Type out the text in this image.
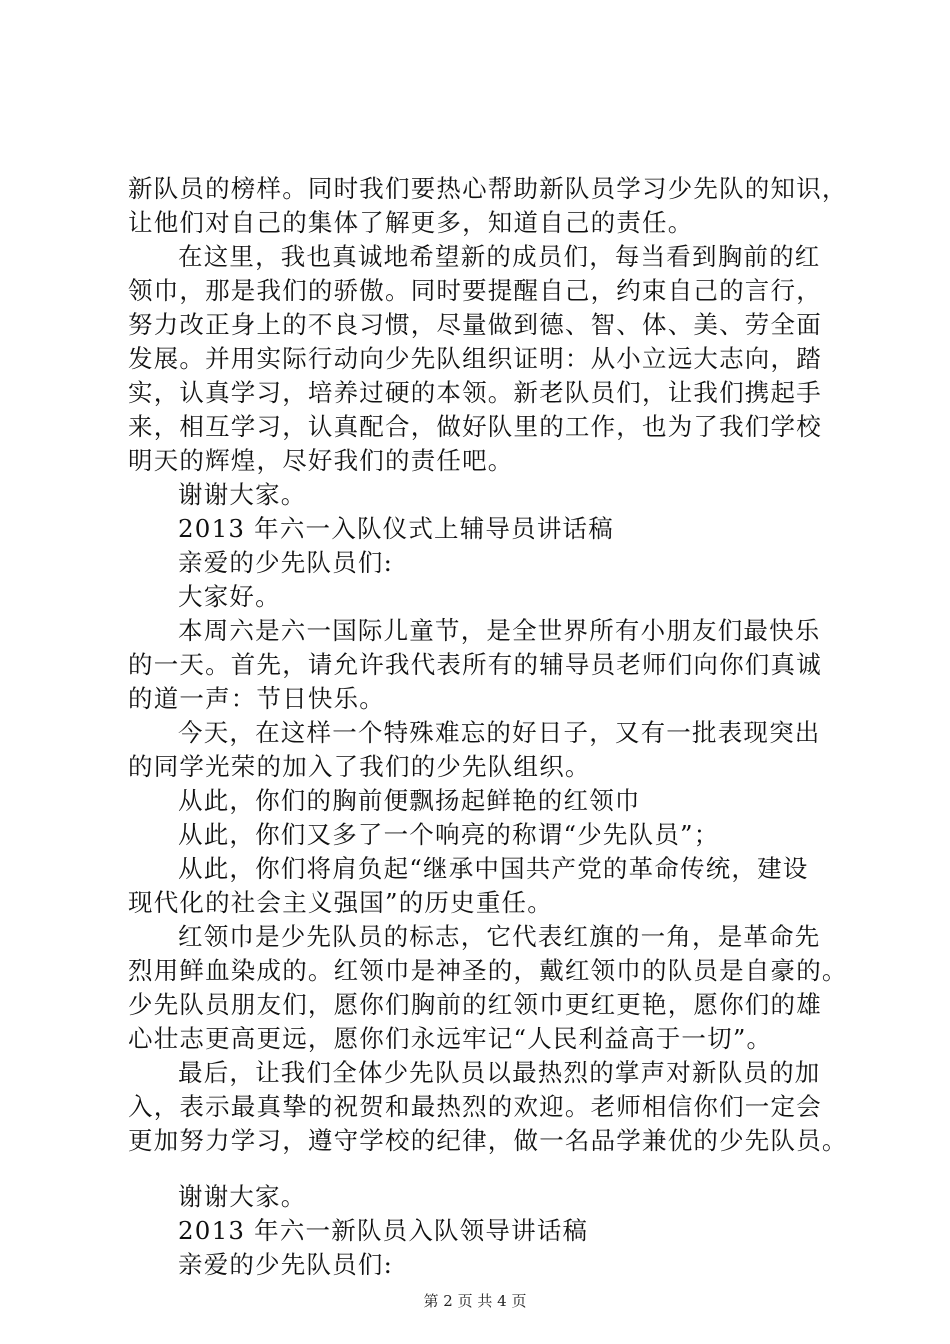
新队员的榜样。同时我们要热心帮助新队员学习少先队的知识，
让他们对自己的集体了解更多，知道自己的责任。
在这里，我也真诚地希望新的成员们，每当看到胸前的红
领巾，那是我们的骄傲。同时要提醒自己，约束自己的言行，
努力改正身上的不良习惯，尽量做到德、智、体、美、劳全面
发展。并用实际行动向少先队组织证明：从小立远大志向，踏
实，认真学习，培养过硬的本领。新老队员们，让我们携起手
来，相互学习，认真配合，做好队里的工作，也为了我们学校
明天的辉煌，尽好我们的责任吧。
谢谢大家。
2013 年六一入队仪式上辅导员讲话稿
亲爱的少先队员们:
大家好。
本周六是六一国际儿童节，是全世界所有小朋友们最快乐
的一天。首先，请允许我代表所有的辅导员老师们向你们真诚
的道一声：节日快乐。
今天，在这样一个特殊难忘的好日子，又有一批表现突出
的同学光荣的加入了我们的少先队组织。
从此，你们的胸前便飘扬起鲜艳的红领巾
从此，你们又多了一个响亮的称谓“少先队员”；
从此，你们将肩负起“继承中国共产党的革命传统，建设
现代化的社会主义强国”的历史重任。
红领巾是少先队员的标志，它代表红旗的一角，是革命先
烈用鲜血染成的。红领巾是神圣的，戴红领巾的队员是自豪的。
少先队员朋友们，愿你们胸前的红领巾更红更艳，愿你们的雄
心壮志更高更远，愿你们永远牢记“人民利益高于一切”。
最后，让我们全体少先队员以最热烈的掌声对新队员的加
入，表示最真挚的祝贺和最热烈的欢迎。老师相信你们一定会
更加努力学习，遵守学校的纪律，做一名品学兼优的少先队员。
谢谢大家。
2013 年六一新队员入队领导讲话稿
亲爱的少先队员们:
第 2 页 共 4 页
